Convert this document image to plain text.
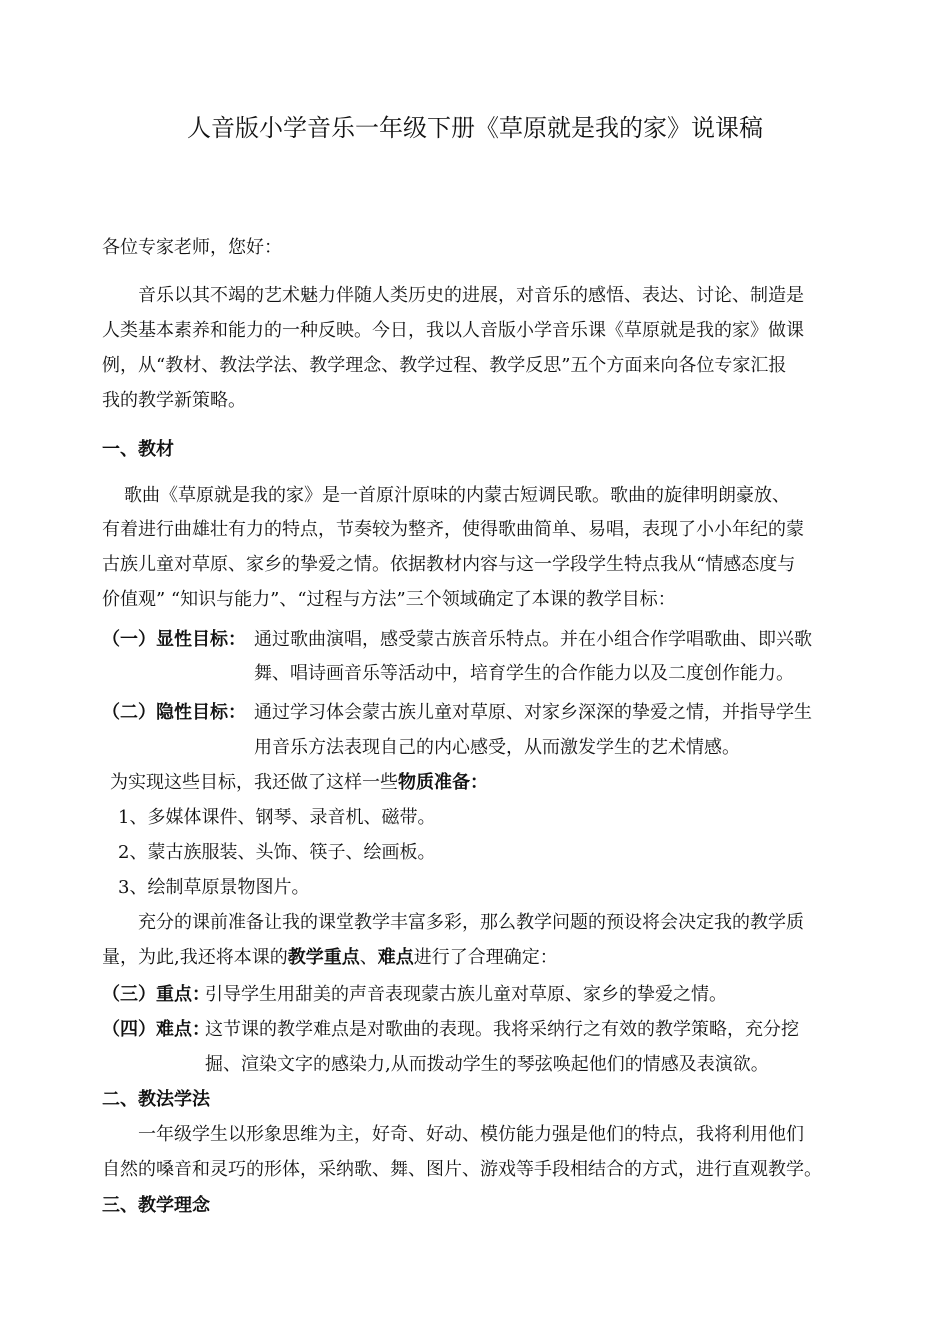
人音版小学音乐一年级下册《草原就是我的家》说课稿
各位专家老师，您好：
音乐以其不竭的艺术魅力伴随人类历史的进展，对音乐的感悟、表达、讨论、制造是
人类基本素养和能力的一种反映。今日，我以人音版小学音乐课《草原就是我的家》做课
例，从“教材、教法学法、教学理念、教学过程、教学反思”五个方面来向各位专家汇报
我的教学新策略。
一、教材
歌曲《草原就是我的家》是一首原汁原味的内蒙古短调民歌。歌曲的旋律明朗豪放、
有着进行曲雄壮有力的特点，节奏较为整齐，使得歌曲简单、易唱，表现了小小年纪的蒙
古族儿童对草原、家乡的挚爱之情。依据教材内容与这一学段学生特点我从“情感态度与
价值观” “知识与能力”、“过程与方法”三个领域确定了本课的教学目标：
（一）显性目标： 通过歌曲演唱，感受蒙古族音乐特点。并在小组合作学唱歌曲、即兴歌
舞、唱诗画音乐等活动中，培育学生的合作能力以及二度创作能力。
（二）隐性目标： 通过学习体会蒙古族儿童对草原、对家乡深深的挚爱之情，并指导学生
用音乐方法表现自己的内心感受，从而激发学生的艺术情感。
为实现这些目标，我还做了这样一些物质准备：
1、多媒体课件、钢琴、录音机、磁带。
2、蒙古族服装、头饰、筷子、绘画板。
3、绘制草原景物图片。
充分的课前准备让我的课堂教学丰富多彩，那么教学问题的预设将会决定我的教学质
量，为此,我还将本课的教学重点、难点进行了合理确定：
（三）重点：
引导学生用甜美的声音表现蒙古族儿童对草原、家乡的挚爱之情。
（四）难点：
这节课的教学难点是对歌曲的表现。我将采纳行之有效的教学策略，充分挖
掘、渲染文字的感染力,从而拨动学生的琴弦唤起他们的情感及表演欲。
二、教法学法
一年级学生以形象思维为主，好奇、好动、模仿能力强是他们的特点，我将利用他们
自然的嗓音和灵巧的形体，采纳歌、舞、图片、游戏等手段相结合的方式，进行直观教学。
三、教学理念
